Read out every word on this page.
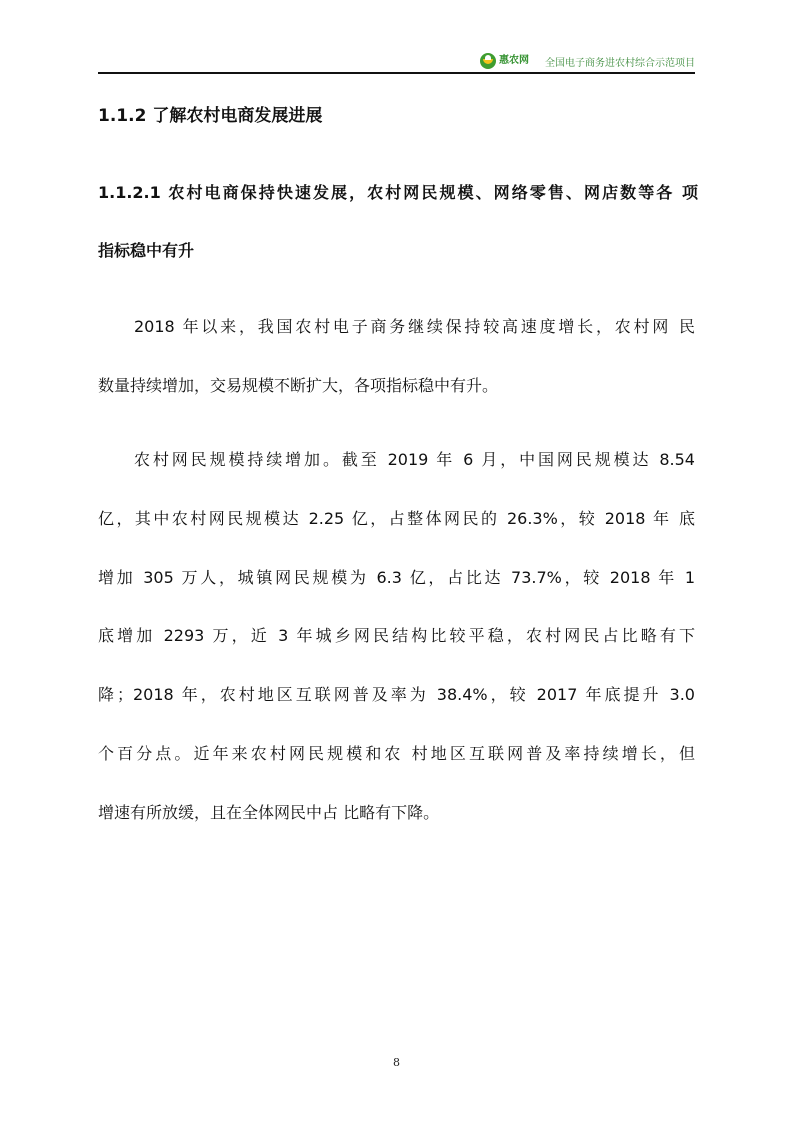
惠农网 全国电子商务进农村综合示范项目
1.1.2 了解农村电商发展进展
1.1.2.1 农村电商保持快速发展，农村网民规模、网络零售、网店数等各 项
指标稳中有升
2018 年以来，我国农村电子商务继续保持较高速度增长，农村网 民
数量持续增加，交易规模不断扩大，各项指标稳中有升。
农村网民规模持续增加。截至 2019 年 6 月，中国网民规模达 8.54
亿，其中农村网民规模达 2.25 亿，占整体网民的 26.3%，较 2018 年 底
增加 305 万人，城镇网民规模为 6.3 亿，占比达 73.7%，较 2018 年 1
底增加 2293 万，近 3 年城乡网民结构比较平稳，农村网民占比略有下
降；2018 年，农村地区互联网普及率为 38.4%，较 2017 年底提升 3.0
个百分点。近年来农村网民规模和农 村地区互联网普及率持续增长，但
增速有所放缓，且在全体网民中占 比略有下降。
8
